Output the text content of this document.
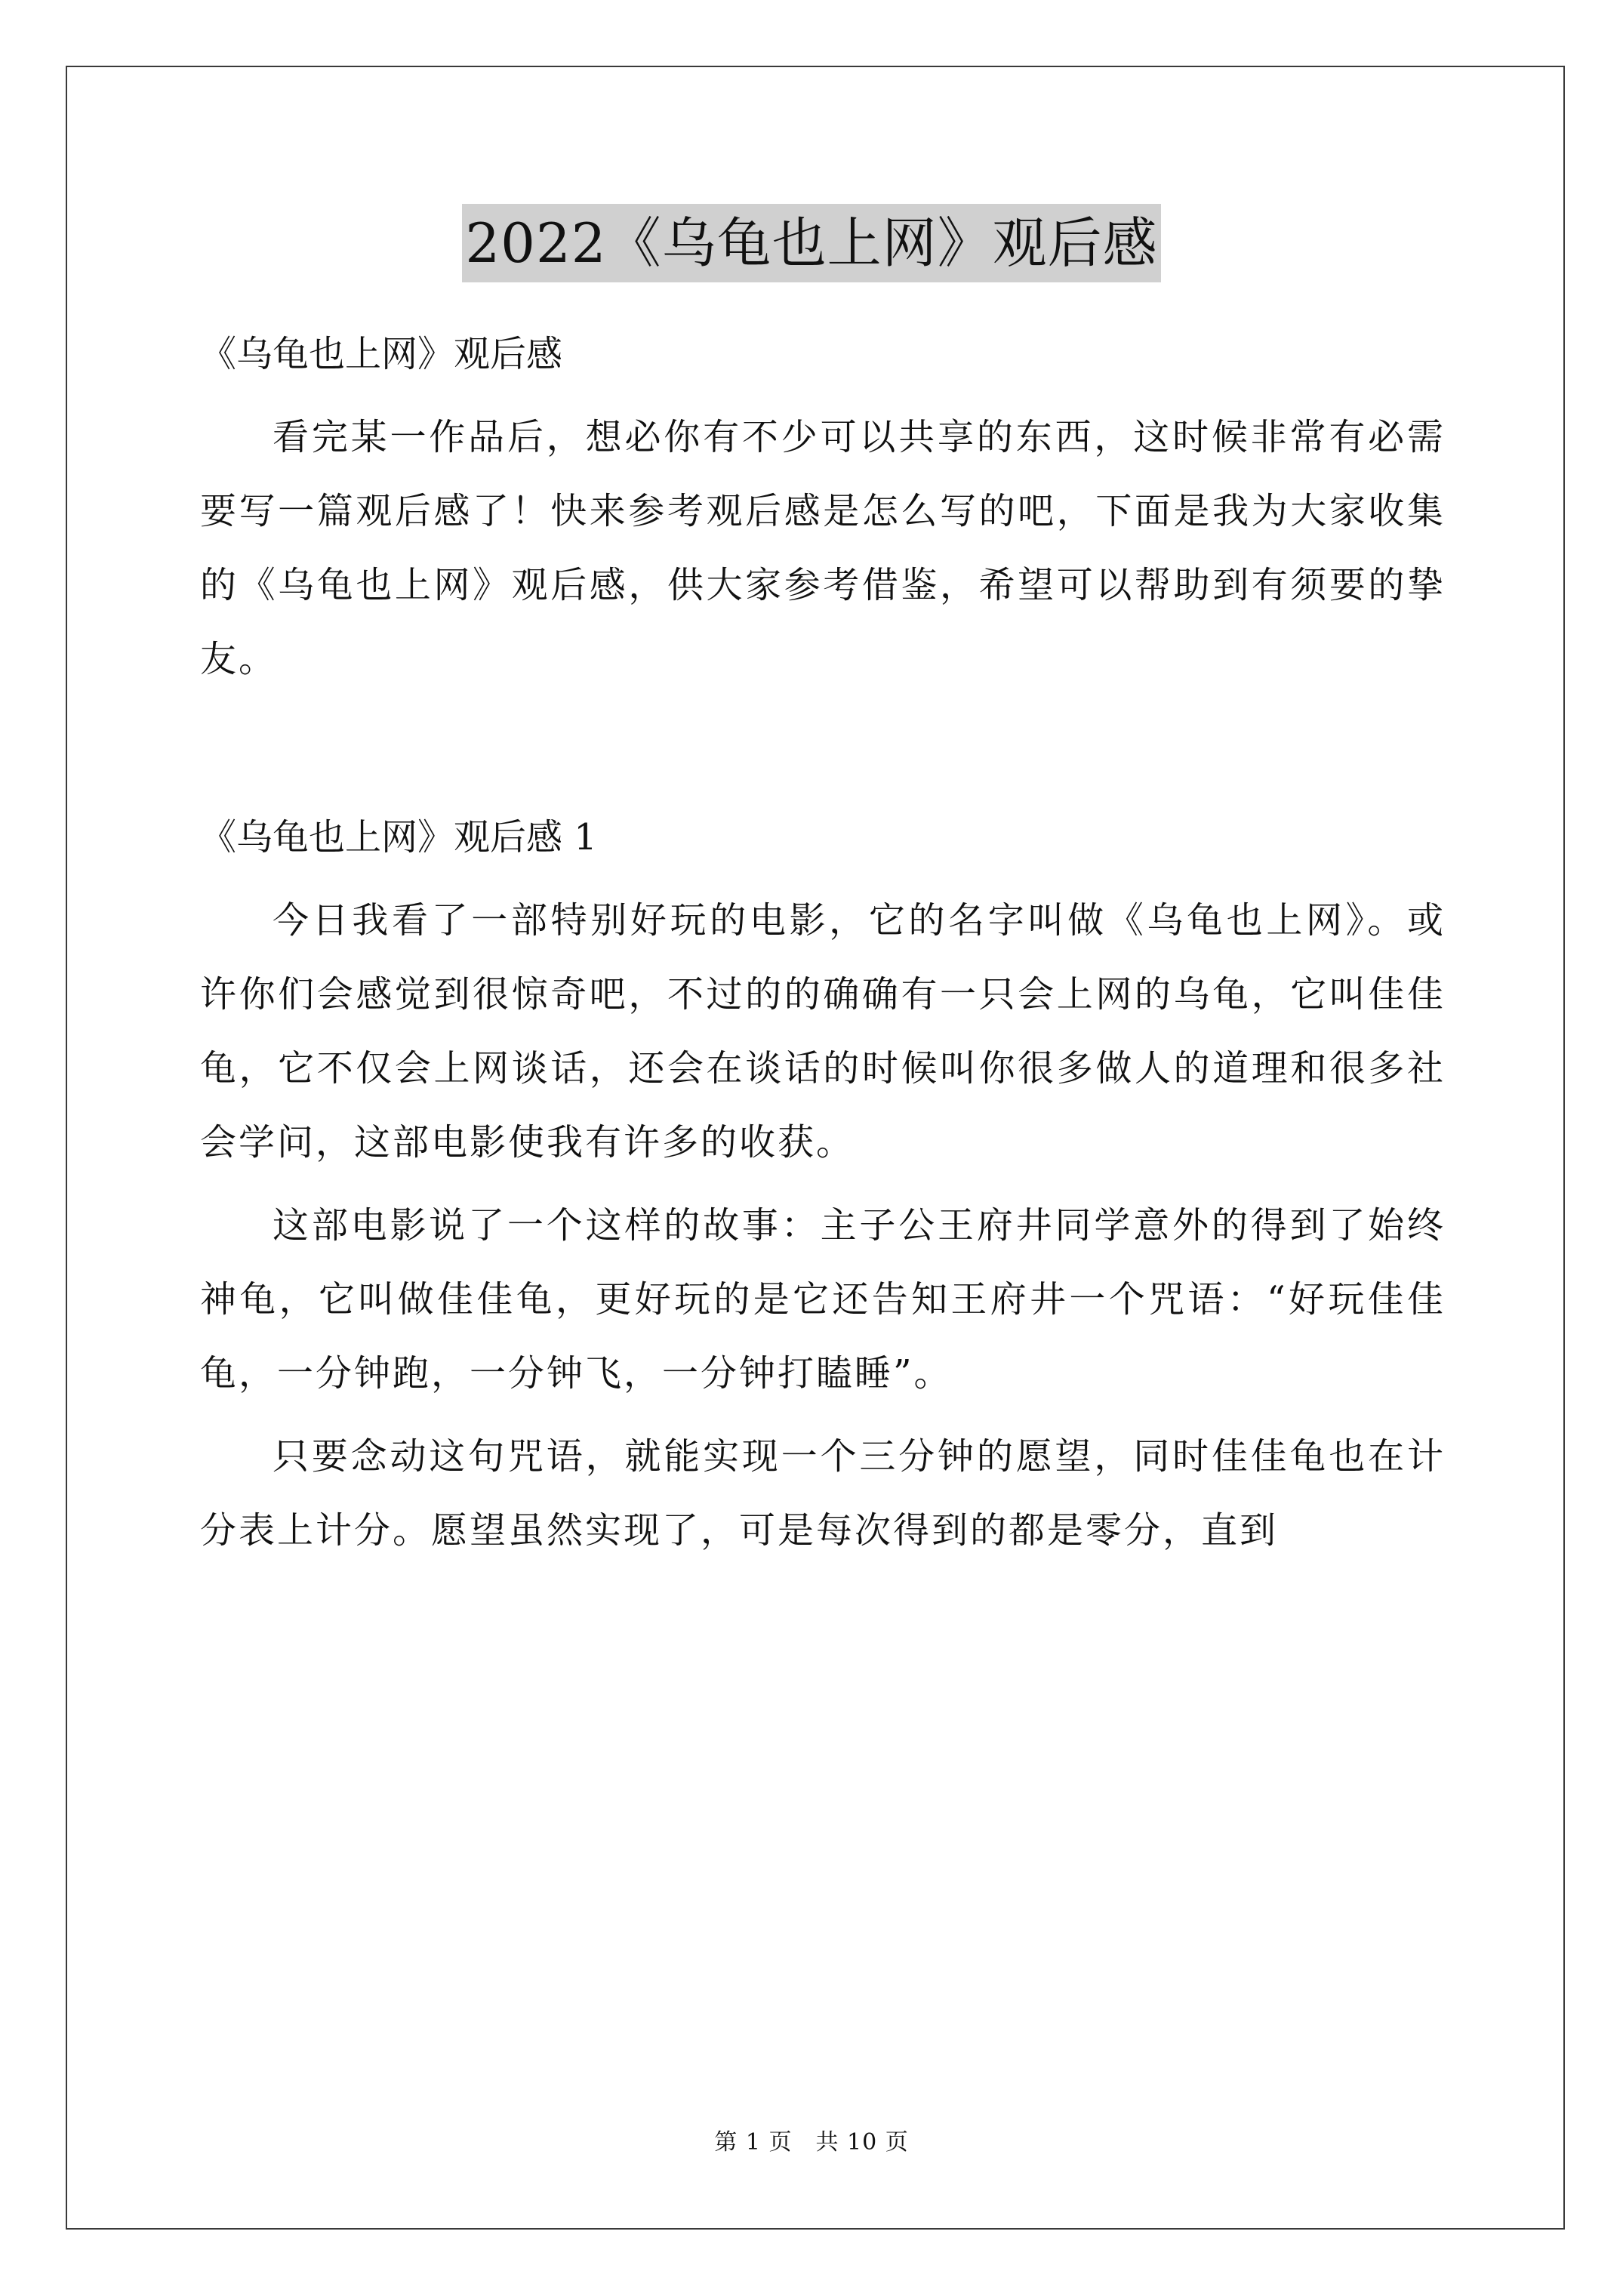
2022《乌龟也上网》观后感

《乌龟也上网》观后感

看完某一作品后，想必你有不少可以共享的东西，这时候非常有必需要写一篇观后感了！快来参考观后感是怎么写的吧，下面是我为大家收集的《乌龟也上网》观后感，供大家参考借鉴，希望可以帮助到有须要的挚友。

《乌龟也上网》观后感 1

今日我看了一部特别好玩的电影，它的名字叫做《乌龟也上网》。或许你们会感觉到很惊奇吧，不过的的确确有一只会上网的乌龟，它叫佳佳龟，它不仅会上网谈话，还会在谈话的时候叫你很多做人的道理和很多社会学问，这部电影使我有许多的收获。

这部电影说了一个这样的故事：主子公王府井同学意外的得到了始终神龟，它叫做佳佳龟，更好玩的是它还告知王府井一个咒语：“好玩佳佳龟，一分钟跑，一分钟飞，一分钟打瞌睡”。

只要念动这句咒语，就能实现一个三分钟的愿望，同时佳佳龟也在计分表上计分。愿望虽然实现了，可是每次得到的都是零分，直到

第 1 页　共 10 页
